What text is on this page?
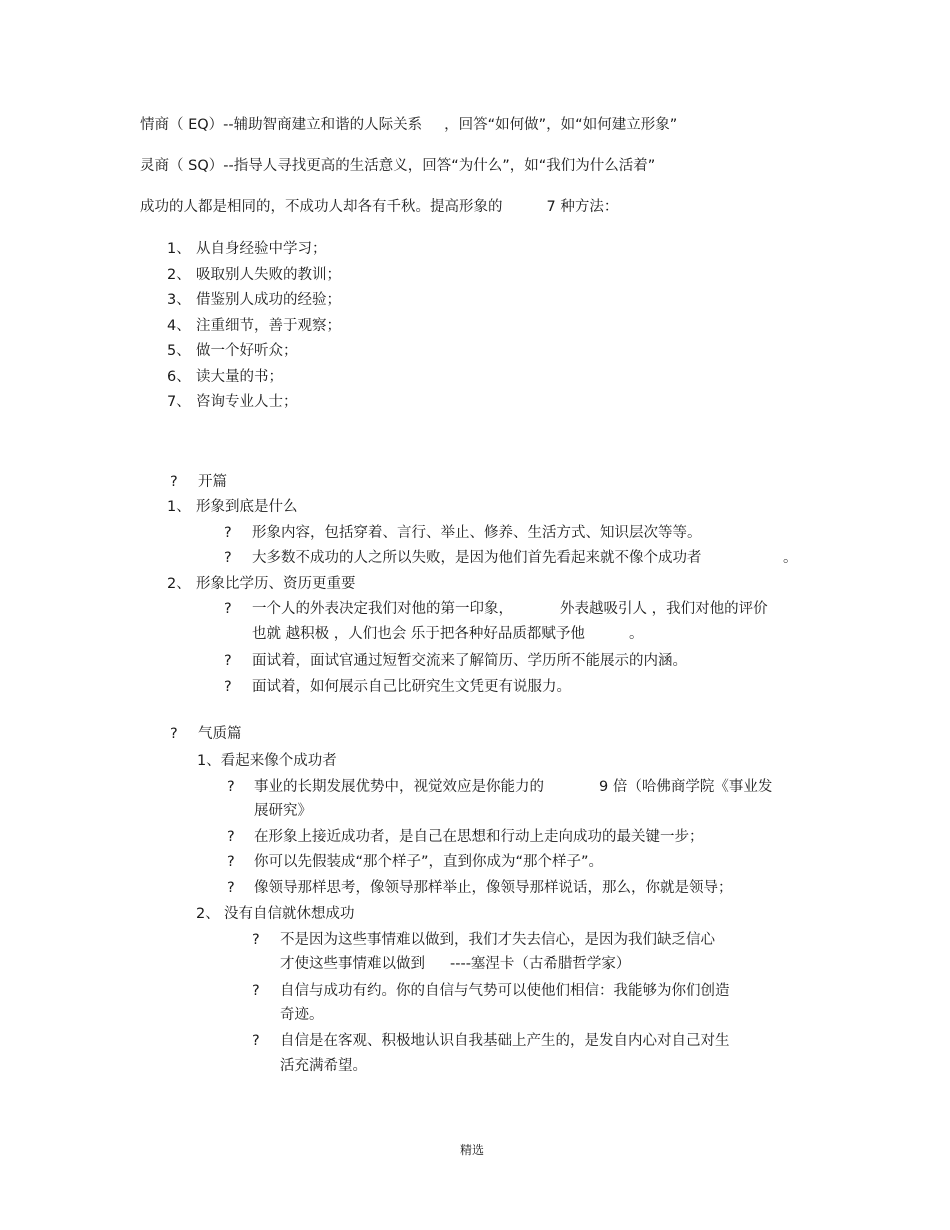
情商（ EQ）--辅助智商建立和谐的人际关系 ，回答“如何做”，如“如何建立形象”
灵商（ SQ）--指导人寻找更高的生活意义，回答“为什么”，如“我们为什么活着”
成功的人都是相同的，不成功人却各有千秋。提高形象的	7 种方法：
1、 从自身经验中学习；
2、 吸取别人失败的教训；
3、 借鉴别人成功的经验；
4、 注重细节，善于观察；
5、 做一个好听众；
6、 读大量的书；
7、 咨询专业人士；
? 开篇
1、 形象到底是什么
? 形象内容，包括穿着、言行、举止、修养、生活方式、知识层次等等。
? 大多数不成功的人之所以失败，是因为他们首先看起来就不像个成功者	。
2、 形象比学历、资历更重要
? 一个人的外表决定我们对他的第一印象，	外表越吸引人 ，我们对他的评价
也就 越积极 ，人们也会 乐于把各种好品质都赋予他	。
? 面试着，面试官通过短暂交流来了解简历、学历所不能展示的内涵。
? 面试着，如何展示自己比研究生文凭更有说服力。
? 气质篇
1、看起来像个成功者
? 事业的长期发展优势中，视觉效应是你能力的	9 倍（哈佛商学院《事业发
展研究》
? 在形象上接近成功者，是自己在思想和行动上走向成功的最关键一步；
? 你可以先假装成“那个样子”，直到你成为“那个样子”。
? 像领导那样思考，像领导那样举止，像领导那样说话，那么，你就是领导；
2、 没有自信就休想成功
? 不是因为这些事情难以做到，我们才失去信心，是因为我们缺乏信心
才使这些事情难以做到 ----塞涅卡（古希腊哲学家）
? 自信与成功有约。你的自信与气势可以使他们相信：我能够为你们创造
奇迹。
? 自信是在客观、积极地认识自我基础上产生的，是发自内心对自己对生
活充满希望。
精选
